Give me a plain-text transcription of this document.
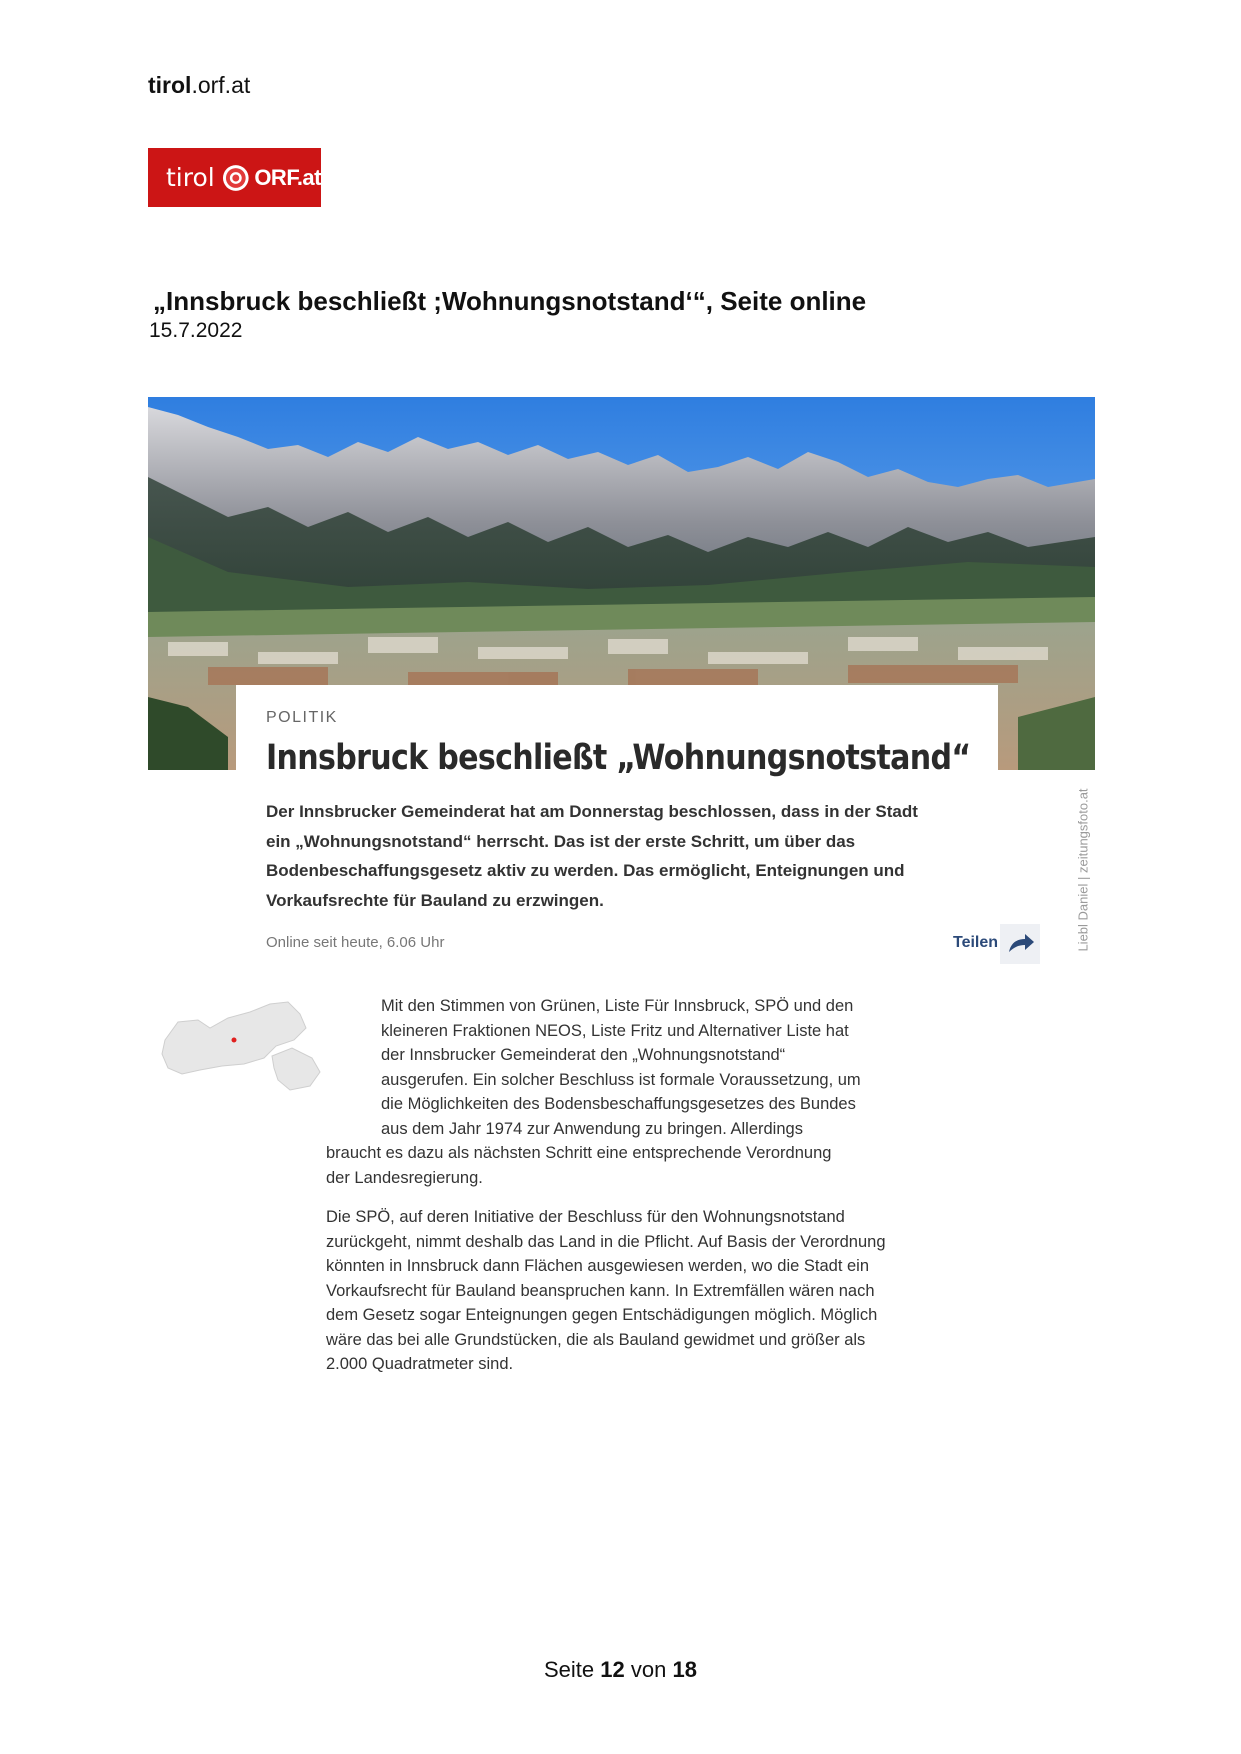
tirol.orf.at
tirol ORF.at
„Innsbruck beschließt ;Wohnungsnotstand‘“, Seite online
15.7.2022
Liebl Daniel | zeitungsfoto.at
POLITIK
Innsbruck beschließt „Wohnungsnotstand“
Der Innsbrucker Gemeinderat hat am Donnerstag beschlossen, dass in der Stadt ein „Wohnungsnotstand“ herrscht. Das ist der erste Schritt, um über das Bodenbeschaffungsgesetz aktiv zu werden. Das ermöglicht, Enteignungen und Vorkaufsrechte für Bauland zu erzwingen.
Online seit heute, 6.06 Uhr	Teilen

Mit den Stimmen von Grünen, Liste Für Innsbruck, SPÖ und den
kleineren Fraktionen NEOS, Liste Fritz und Alternativer Liste hat
der Innsbrucker Gemeinderat den „Wohnungsnotstand“
ausgerufen. Ein solcher Beschluss ist formale Voraussetzung, um
die Möglichkeiten des Bodensbeschaffungsgesetzes des Bundes
aus dem Jahr 1974 zur Anwendung zu bringen. Allerdings
braucht es dazu als nächsten Schritt eine entsprechende Verordnung
der Landesregierung.

Die SPÖ, auf deren Initiative der Beschluss für den Wohnungsnotstand zurückgeht, nimmt deshalb das Land in die Pflicht. Auf Basis der Verordnung könnten in Innsbruck dann Flächen ausgewiesen werden, wo die Stadt ein Vorkaufsrecht für Bauland beanspruchen kann. In Extremfällen wären nach dem Gesetz sogar Enteignungen gegen Entschädigungen möglich. Möglich wäre das bei alle Grundstücken, die als Bauland gewidmet und größer als 2.000 Quadratmeter sind.

Seite 12 von 18
